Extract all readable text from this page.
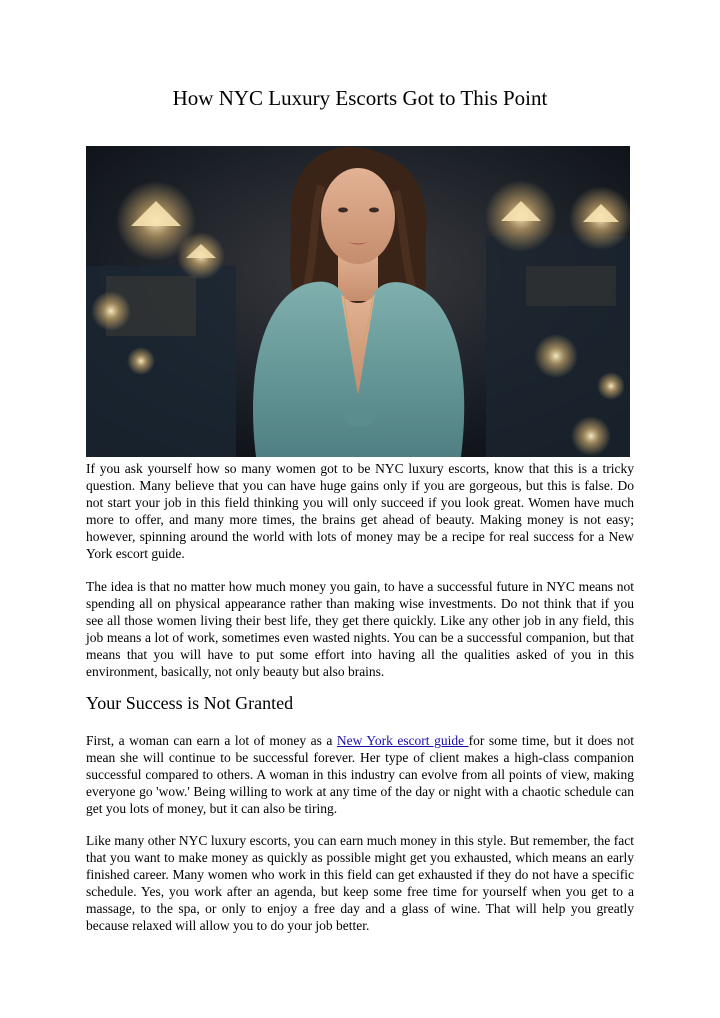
How NYC Luxury Escorts Got to This Point

If you ask yourself how so many women got to be NYC luxury escorts, know that this is a tricky question. Many believe that you can have huge gains only if you are gorgeous, but this is false. Do not start your job in this field thinking you will only succeed if you look great. Women have much more to offer, and many more times, the brains get ahead of beauty. Making money is not easy; however, spinning around the world with lots of money may be a recipe for real success for a New York escort guide.

The idea is that no matter how much money you gain, to have a successful future in NYC means not spending all on physical appearance rather than making wise investments. Do not think that if you see all those women living their best life, they get there quickly. Like any other job in any field, this job means a lot of work, sometimes even wasted nights. You can be a successful companion, but that means that you will have to put some effort into having all the qualities asked of you in this environment, basically, not only beauty but also brains.

Your Success is Not Granted

First, a woman can earn a lot of money as a New York escort guide for some time, but it does not mean she will continue to be successful forever. Her type of client makes a high-class companion successful compared to others. A woman in this industry can evolve from all points of view, making everyone go 'wow.' Being willing to work at any time of the day or night with a chaotic schedule can get you lots of money, but it can also be tiring.

Like many other NYC luxury escorts, you can earn much money in this style. But remember, the fact that you want to make money as quickly as possible might get you exhausted, which means an early finished career. Many women who work in this field can get exhausted if they do not have a specific schedule. Yes, you work after an agenda, but keep some free time for yourself when you get to a massage, to the spa, or only to enjoy a free day and a glass of wine. That will help you greatly because relaxed will allow you to do your job better.
